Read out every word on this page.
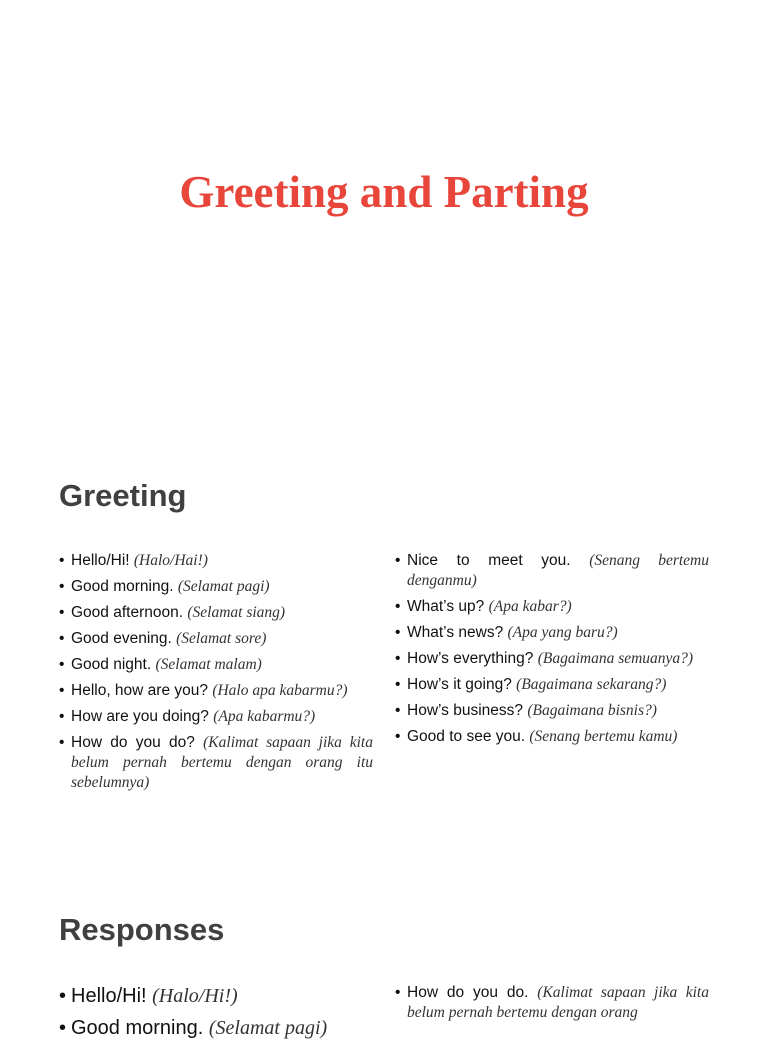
Greeting and Parting
Greeting
• Hello/Hi! (Halo/Hai!)
• Good morning. (Selamat pagi)
• Good afternoon. (Selamat siang)
• Good evening. (Selamat sore)
• Good night. (Selamat malam)
• Hello, how are you? (Halo apa kabarmu?)
• How are you doing? (Apa kabarmu?)
• How do you do? (Kalimat sapaan jika kita belum pernah bertemu dengan orang itu sebelumnya)
• Nice to meet you. (Senang bertemu denganmu)
• What’s up? (Apa kabar?)
• What’s news? (Apa yang baru?)
• How’s everything? (Bagaimana semuanya?)
• How’s it going? (Bagaimana sekarang?)
• How’s business? (Bagaimana bisnis?)
• Good to see you. (Senang bertemu kamu)
Responses
• Hello/Hi! (Halo/Hi!)
• Good morning. (Selamat pagi)
• How do you do. (Kalimat sapaan jika kita belum pernah bertemu dengan orang
